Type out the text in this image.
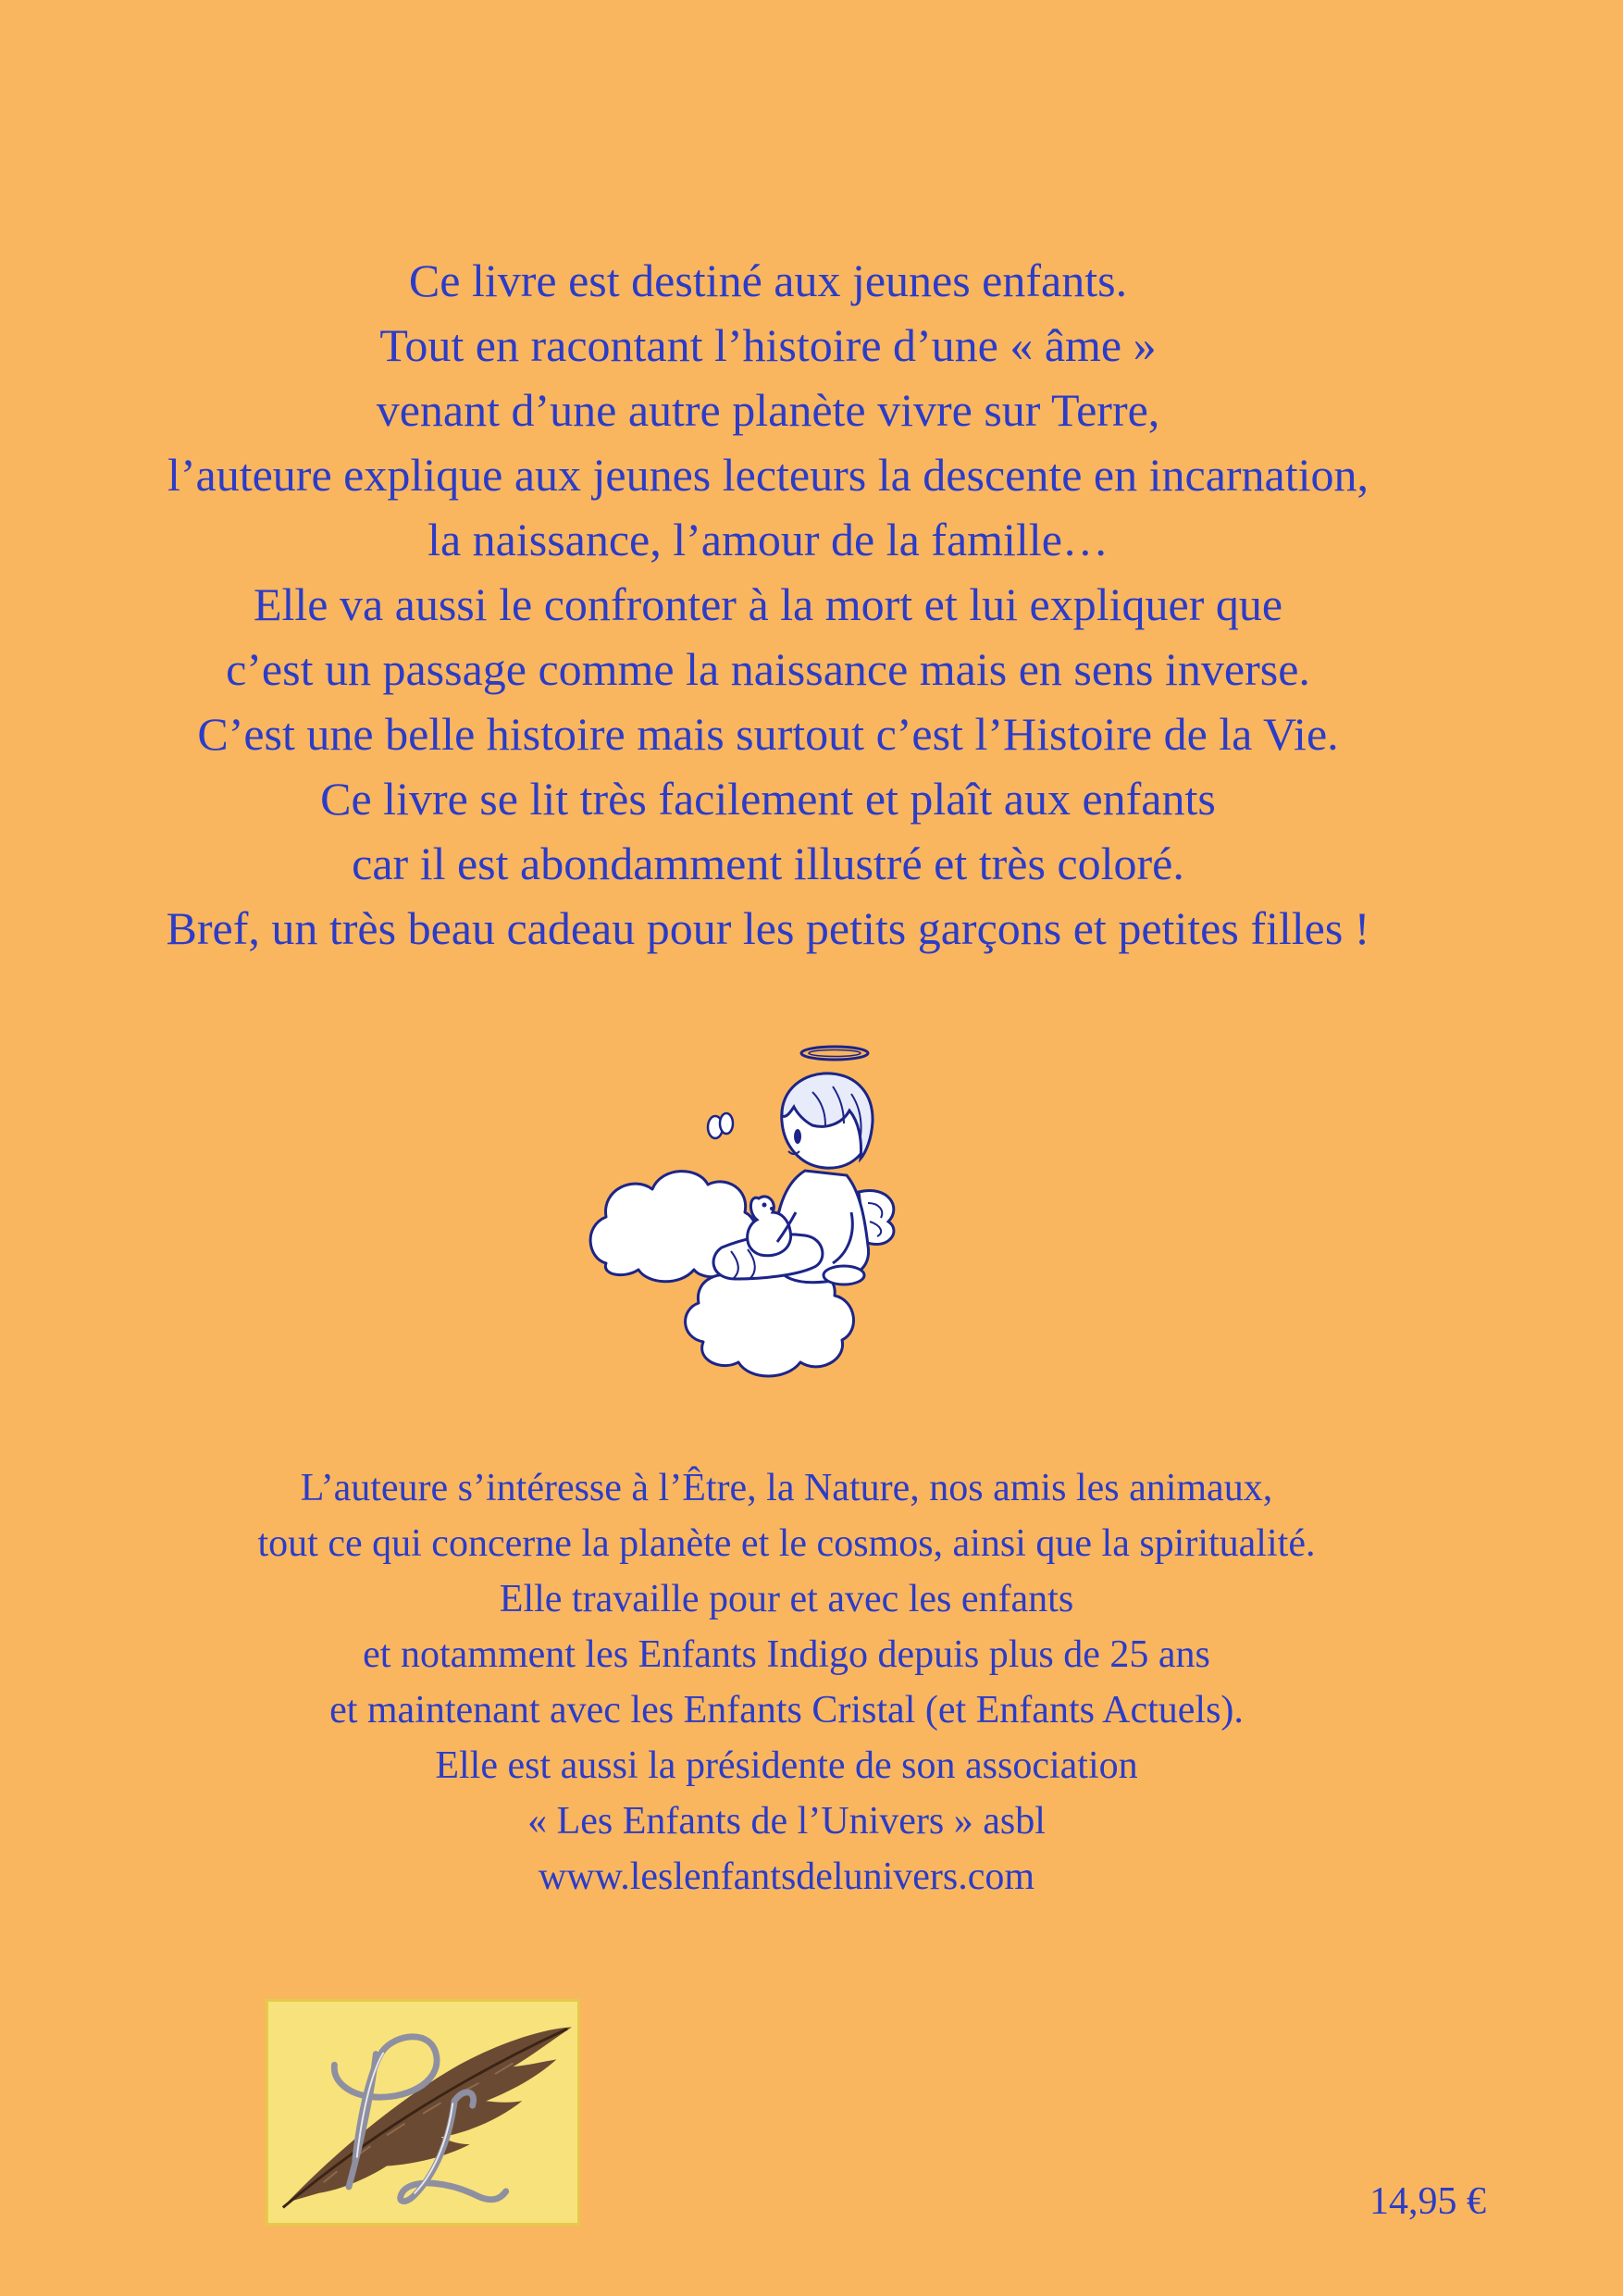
Ce livre est destiné aux jeunes enfants.
Tout en racontant l’histoire d’une « âme »
venant d’une autre planète vivre sur Terre,
l’auteure explique aux jeunes lecteurs la descente en incarnation,
la naissance, l’amour de la famille…
Elle va aussi le confronter à la mort et lui expliquer que
c’est un passage comme la naissance mais en sens inverse.
C’est une belle histoire mais surtout c’est l’Histoire de la Vie.
Ce livre se lit très facilement et plaît aux enfants
car il est abondamment illustré et très coloré.
Bref, un très beau cadeau pour les petits garçons et petites filles !
L’auteure s’intéresse à l’Être, la Nature, nos amis les animaux,
tout ce qui concerne la planète et le cosmos, ainsi que la spiritualité.
Elle travaille pour et avec les enfants
et notamment les Enfants Indigo depuis plus de 25 ans
et maintenant avec les Enfants Cristal (et Enfants Actuels).
Elle est aussi la présidente de son association
« Les Enfants de l’Univers » asbl
www.leslenfantsdelunivers.com
14,95 €
